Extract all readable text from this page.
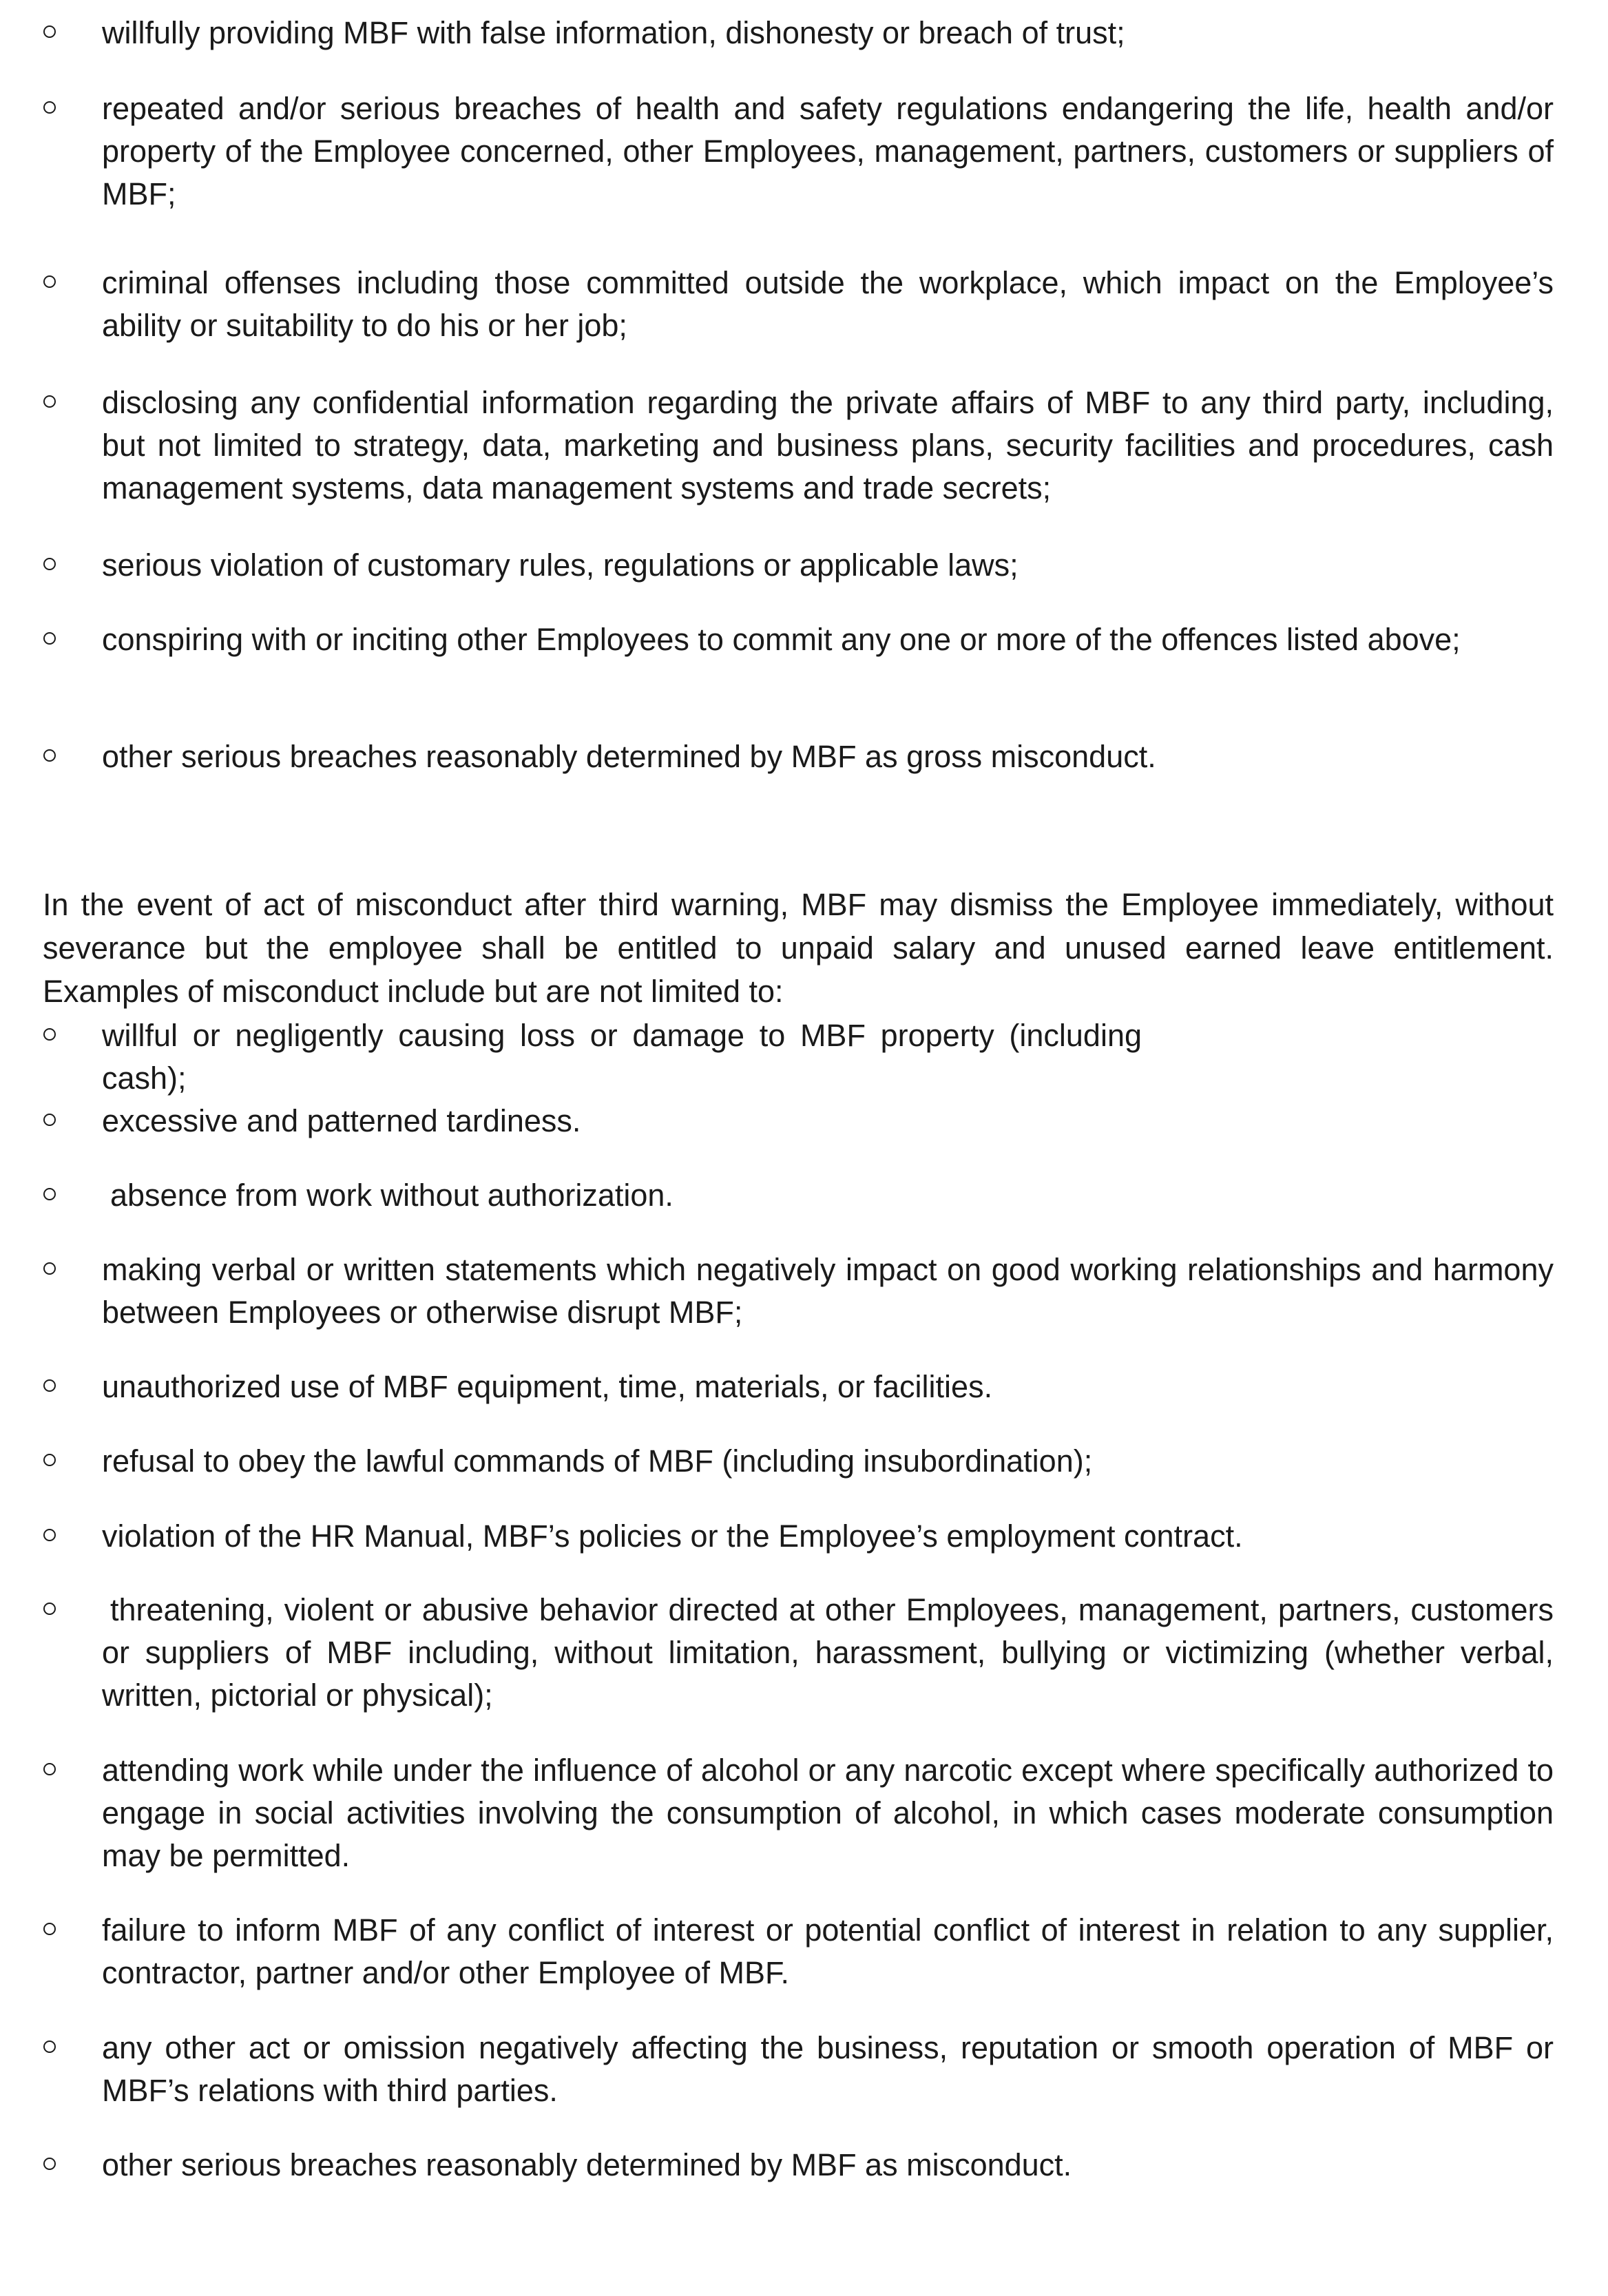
willfully providing MBF with false information, dishonesty or breach of trust;

repeated and/or serious breaches of health and safety regulations endangering the life, health and/or property of the Employee concerned, other Employees, management, partners, customers or suppliers of MBF;

criminal offenses including those committed outside the workplace, which impact on the Employee’s ability or suitability to do his or her job;

disclosing any confidential information regarding the private affairs of MBF to any third party, including, but not limited to strategy, data, marketing and business plans, security facilities and procedures, cash management systems, data management systems and trade secrets;

serious violation of customary rules, regulations or applicable laws;

conspiring with or inciting other Employees to commit any one or more of the offences listed above;

other serious breaches reasonably determined by MBF as gross misconduct.

In the event of act of misconduct after third warning, MBF may dismiss the Employee immediately, without severance but the employee shall be entitled to unpaid salary and unused earned leave entitlement. Examples of misconduct include but are not limited to:

willful or negligently causing loss or damage to MBF property (including cash);

excessive and patterned tardiness.

absence from work without authorization.

making verbal or written statements which negatively impact on good working relationships and harmony between Employees or otherwise disrupt MBF;

unauthorized use of MBF equipment, time, materials, or facilities.

refusal to obey the lawful commands of MBF (including insubordination);

violation of the HR Manual, MBF’s policies or the Employee’s employment contract.

threatening, violent or abusive behavior directed at other Employees, management, partners, customers or suppliers of MBF including, without limitation, harassment, bullying or victimizing (whether verbal, written, pictorial or physical);

attending work while under the influence of alcohol or any narcotic except where specifically authorized to engage in social activities involving the consumption of alcohol, in which cases moderate consumption may be permitted.

failure to inform MBF of any conflict of interest or potential conflict of interest in relation to any supplier, contractor, partner and/or other Employee of MBF.

any other act or omission negatively affecting the business, reputation or smooth operation of MBF or MBF’s relations with third parties.

other serious breaches reasonably determined by MBF as misconduct.
